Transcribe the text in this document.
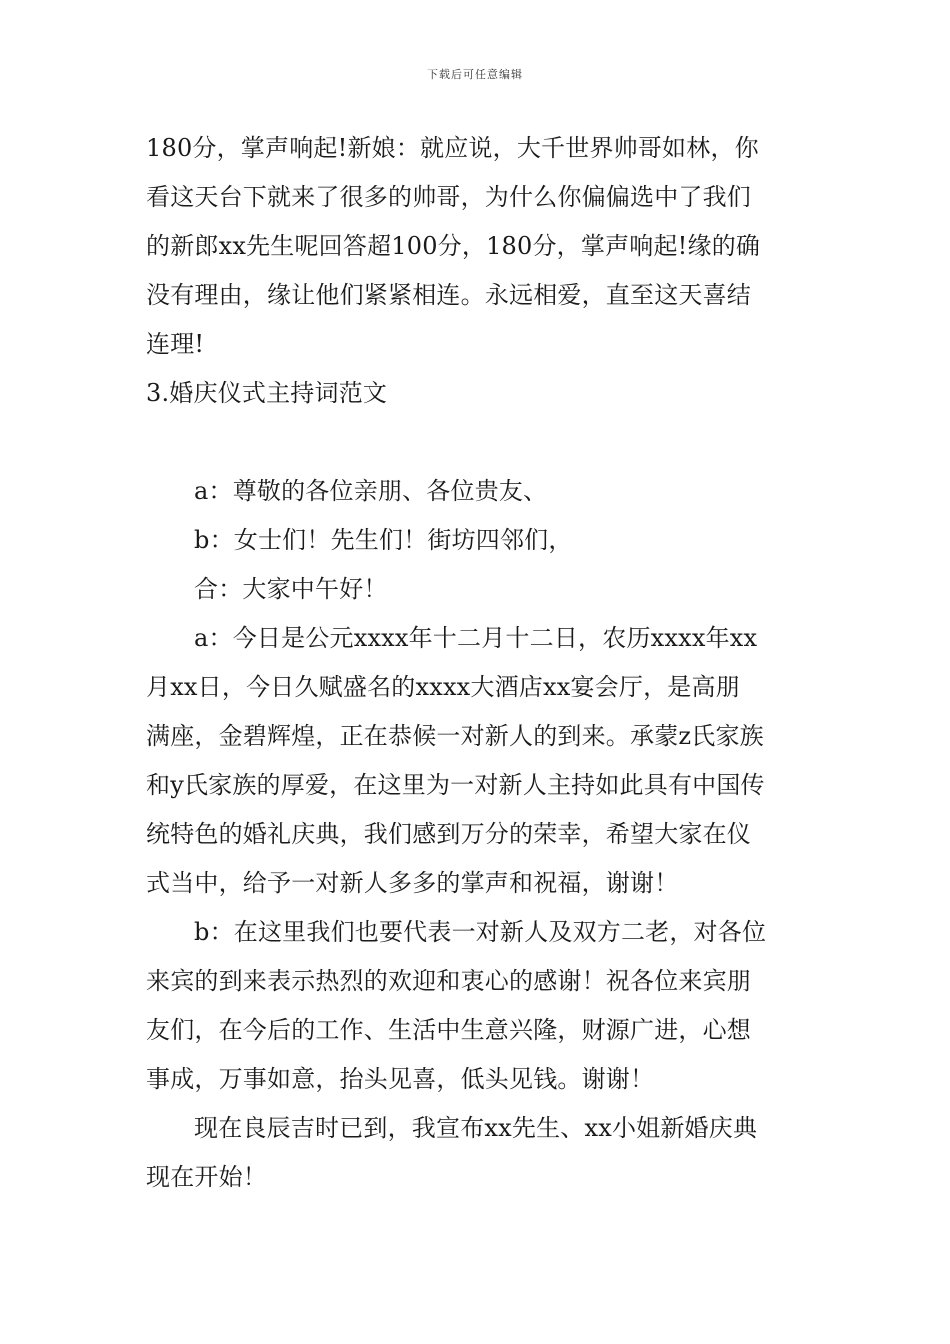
下载后可任意编辑

180分，掌声响起!新娘：就应说，大千世界帅哥如林，你

看这天台下就来了很多的帅哥，为什么你偏偏选中了我们

的新郎xx先生呢回答超100分，180分，掌声响起!缘的确

没有理由，缘让他们紧紧相连。永远相爱，直至这天喜结

连理!

3.婚庆仪式主持词范文

a：尊敬的各位亲朋、各位贵友、

b：女士们！先生们！街坊四邻们，

合：大家中午好！

a：今日是公元xxxx年十二月十二日，农历xxxx年xx

月xx日，今日久赋盛名的xxxx大酒店xx宴会厅，是高朋

满座，金碧辉煌，正在恭候一对新人的到来。承蒙z氏家族

和y氏家族的厚爱，在这里为一对新人主持如此具有中国传

统特色的婚礼庆典，我们感到万分的荣幸，希望大家在仪

式当中，给予一对新人多多的掌声和祝福，谢谢！

b：在这里我们也要代表一对新人及双方二老，对各位

来宾的到来表示热烈的欢迎和衷心的感谢！祝各位来宾朋

友们，在今后的工作、生活中生意兴隆，财源广进，心想

事成，万事如意，抬头见喜，低头见钱。谢谢！

现在良辰吉时已到，我宣布xx先生、xx小姐新婚庆典

现在开始！
